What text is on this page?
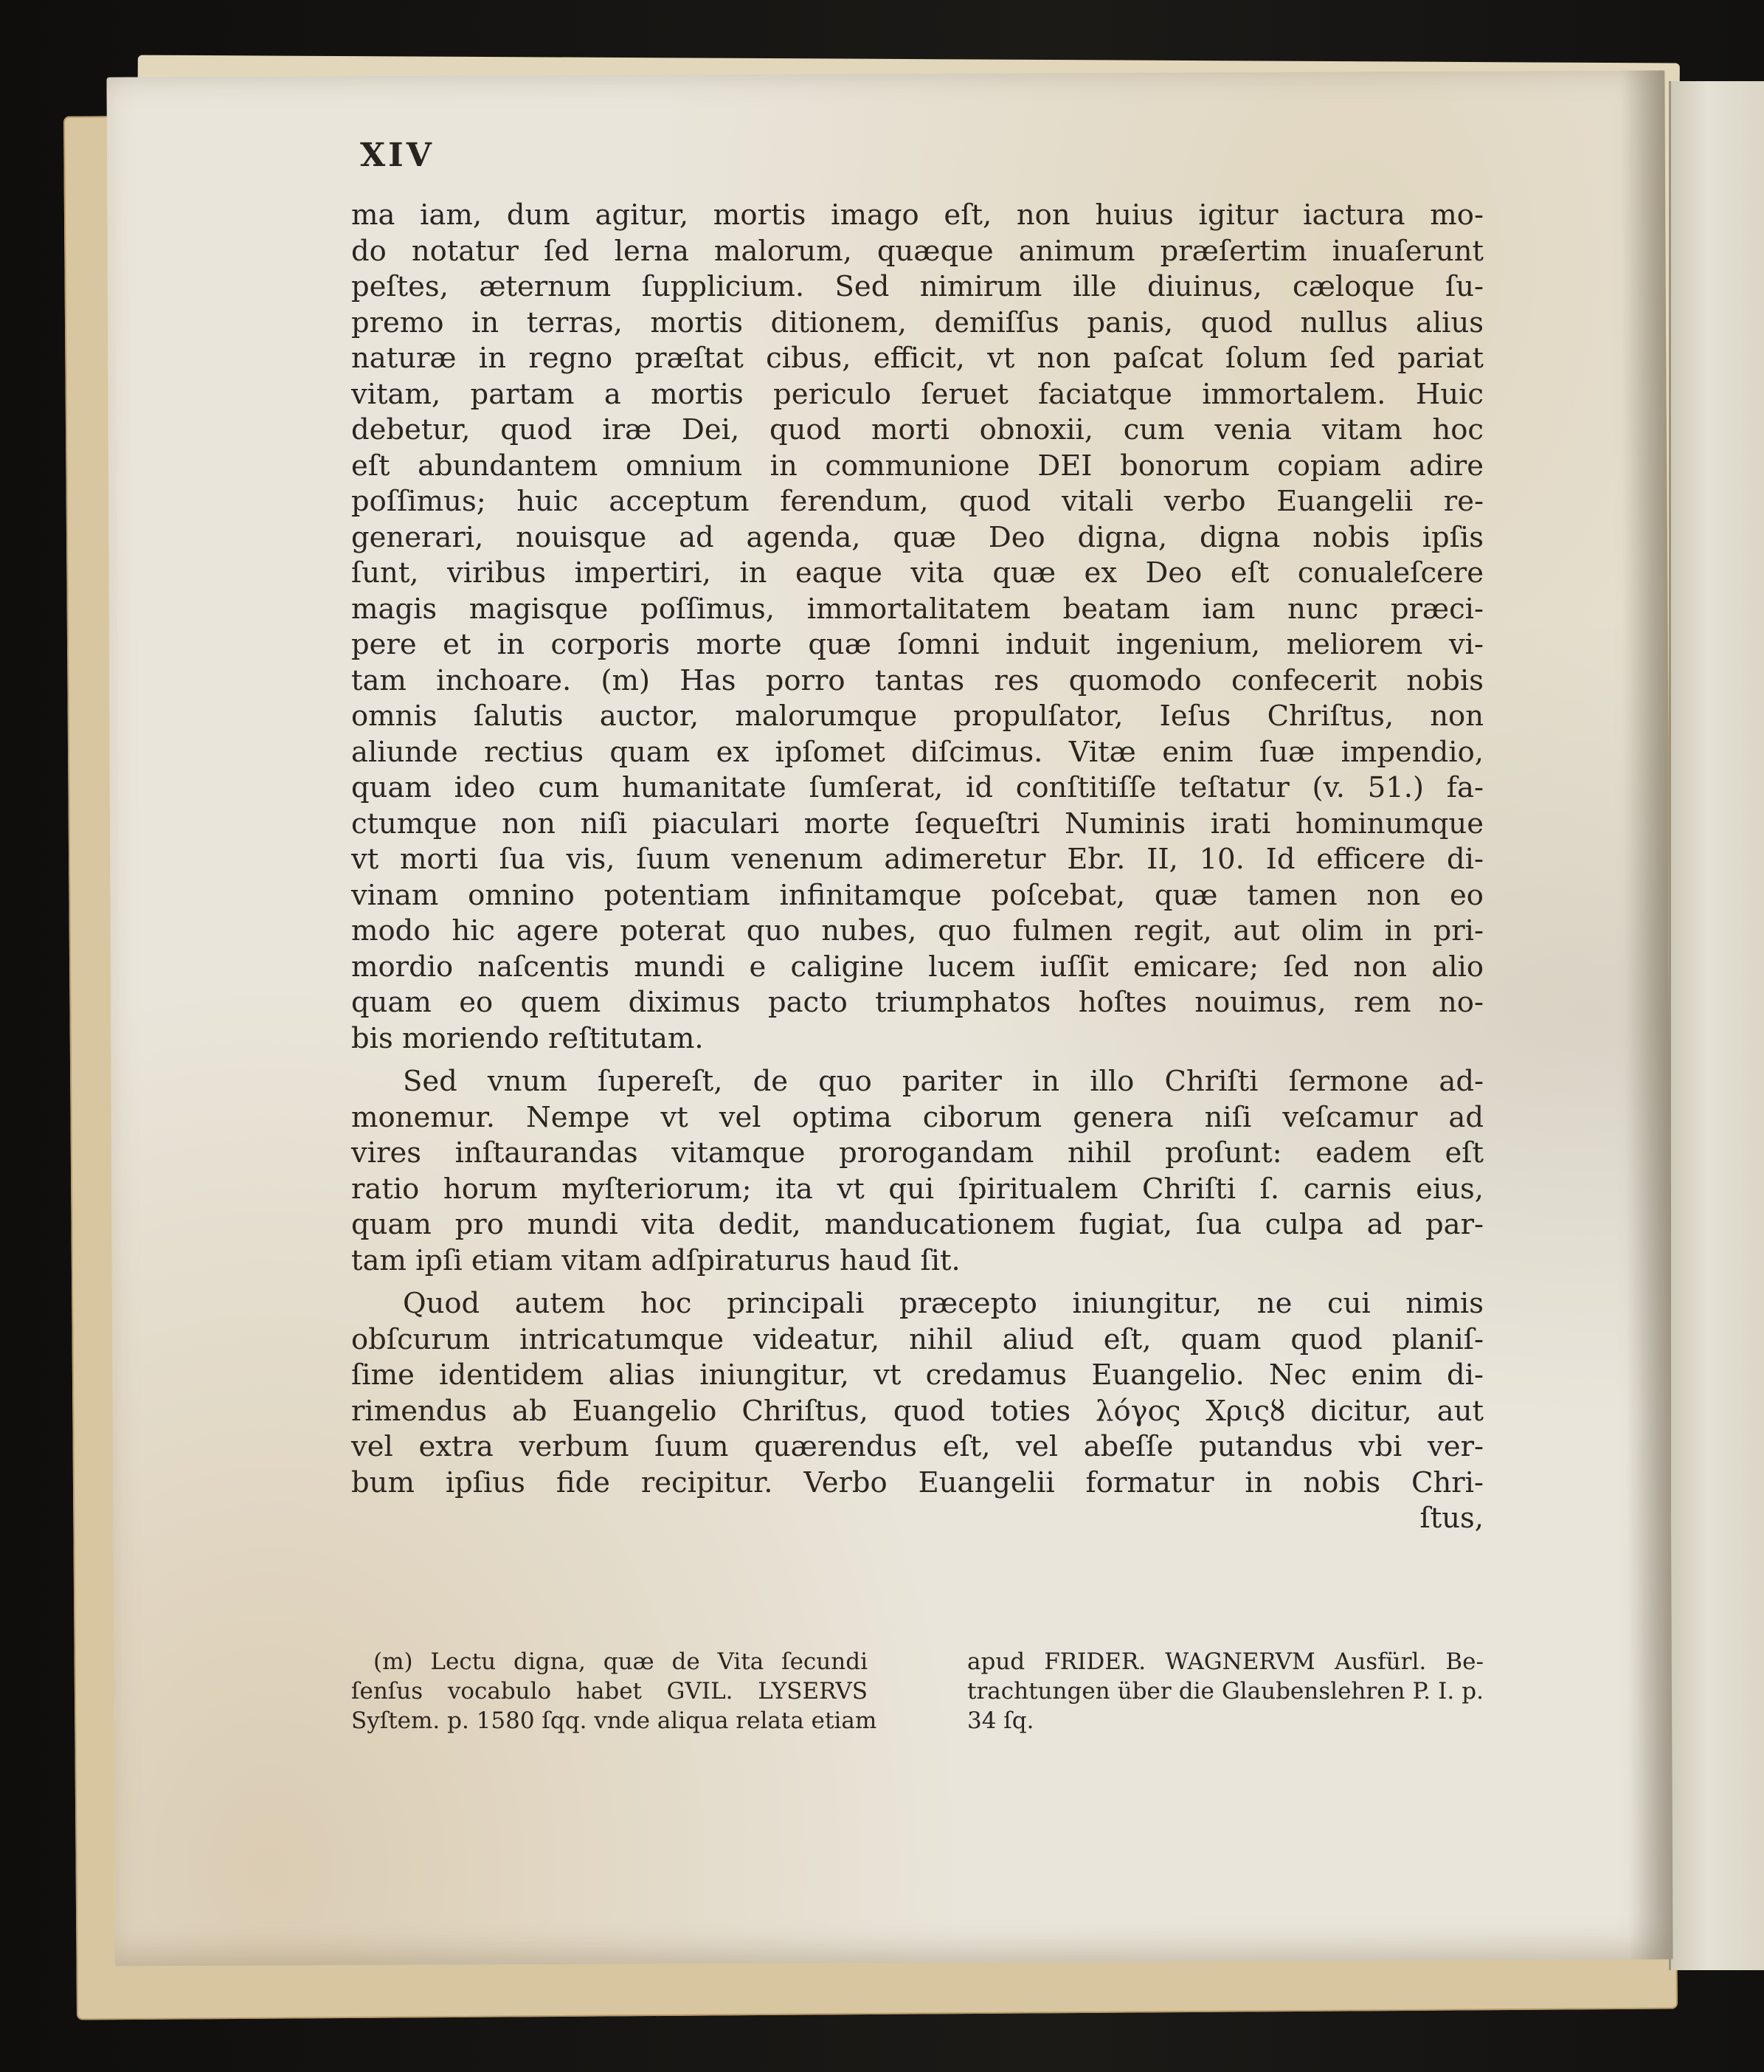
XIV
ma iam, dum agitur, mortis imago eſt, non huius igitur iactura mo-
do notatur ſed lerna malorum, quæque animum præſertim inuaſerunt
peſtes, æternum ſupplicium. Sed nimirum ille diuinus, cæloque ſu-
premo in terras, mortis ditionem, demiſſus panis, quod nullus alius
naturæ in regno præſtat cibus, efficit, vt non paſcat ſolum ſed pariat
vitam, partam a mortis periculo ſeruet faciatque immortalem. Huic
debetur, quod iræ Dei, quod morti obnoxii, cum venia vitam hoc
eſt abundantem omnium in communione DEI bonorum copiam adire
poſſimus; huic acceptum ferendum, quod vitali verbo Euangelii re-
generari, nouisque ad agenda, quæ Deo digna, digna nobis ipſis
ſunt, viribus impertiri, in eaque vita quæ ex Deo eſt conualeſcere
magis magisque poſſimus, immortalitatem beatam iam nunc præci-
pere et in corporis morte quæ ſomni induit ingenium, meliorem vi-
tam inchoare. (m) Has porro tantas res quomodo confecerit nobis
omnis ſalutis auctor, malorumque propulſator, Ieſus Chriſtus, non
aliunde rectius quam ex ipſomet diſcimus. Vitæ enim ſuæ impendio,
quam ideo cum humanitate ſumſerat, id conſtitiſſe teſtatur (v. 51.) fa-
ctumque non niſi piaculari morte ſequeſtri Numinis irati hominumque
vt morti ſua vis, ſuum venenum adimeretur Ebr. II, 10. Id efficere di-
vinam omnino potentiam infinitamque poſcebat, quæ tamen non eo
modo hic agere poterat quo nubes, quo fulmen regit, aut olim in pri-
mordio naſcentis mundi e caligine lucem iuſſit emicare; ſed non alio
quam eo quem diximus pacto triumphatos hoſtes nouimus, rem no-
bis moriendo reſtitutam.
Sed vnum ſupereſt, de quo pariter in illo Chriſti ſermone ad-
monemur. Nempe vt vel optima ciborum genera niſi veſcamur ad
vires inſtaurandas vitamque prorogandam nihil proſunt: eadem eſt
ratio horum myſteriorum; ita vt qui ſpiritualem Chriſti ſ. carnis eius,
quam pro mundi vita dedit, manducationem fugiat, ſua culpa ad par-
tam ipſi etiam vitam adſpiraturus haud ſit.
Quod autem hoc principali præcepto iniungitur, ne cui nimis
obſcurum intricatumque videatur, nihil aliud eſt, quam quod planiſ-
ſime identidem alias iniungitur, vt credamus Euangelio. Nec enim di-
rimendus ab Euangelio Chriſtus, quod toties λόγος Χριςȣ dicitur, aut
vel extra verbum ſuum quærendus eſt, vel abeſſe putandus vbi ver-
bum ipſius fide recipitur. Verbo Euangelii formatur in nobis Chri-
ſtus,
(m) Lectu digna, quæ de Vita ſecundi
ſenſus vocabulo habet GVIL. LYSERVS
Syſtem. p. 1580 ſqq. vnde aliqua relata etiam
apud FRIDER. WAGNERVM Ausfürl. Be-
trachtungen über die Glaubenslehren P. I. p.
34 ſq.
